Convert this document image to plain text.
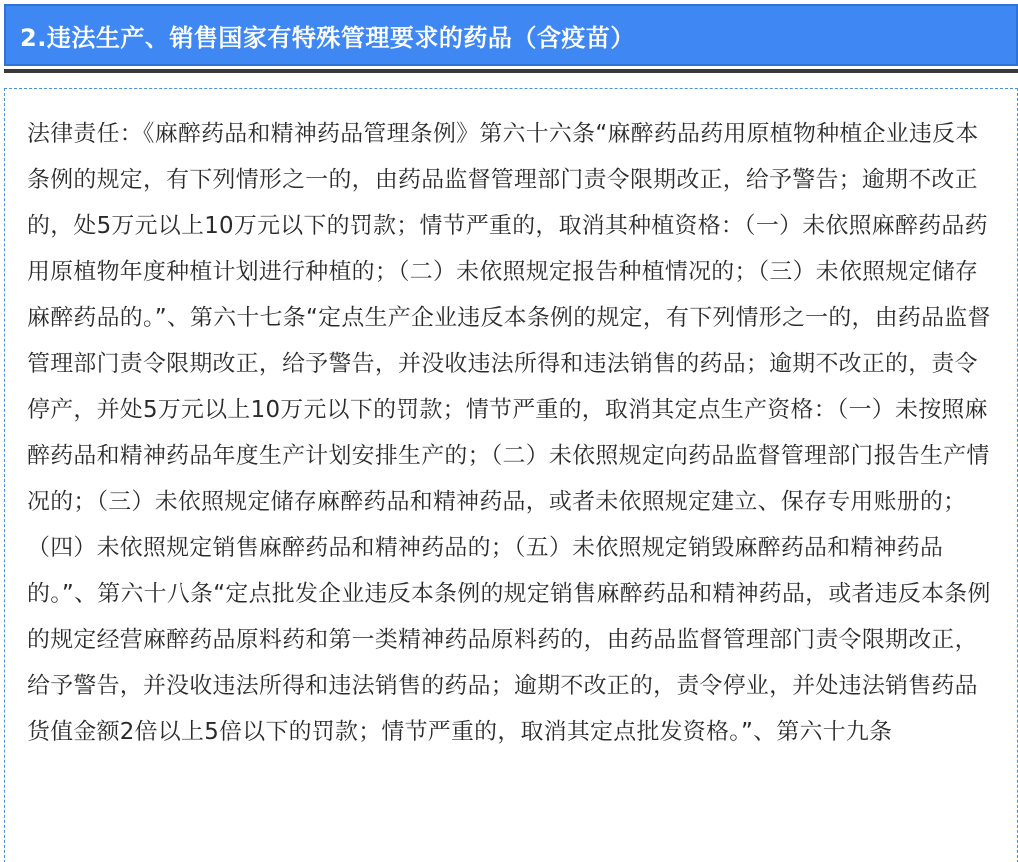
2.违法生产、销售国家有特殊管理要求的药品（含疫苗）

法律责任：《麻醉药品和精神药品管理条例》第六十六条“麻醉药品药用原植物种植企业违反本条例的规定，有下列情形之一的，由药品监督管理部门责令限期改正，给予警告；逾期不改正的，处5万元以上10万元以下的罚款；情节严重的，取消其种植资格：（一）未依照麻醉药品药用原植物年度种植计划进行种植的；（二）未依照规定报告种植情况的；（三）未依照规定储存麻醉药品的。”、第六十七条“定点生产企业违反本条例的规定，有下列情形之一的，由药品监督管理部门责令限期改正，给予警告，并没收违法所得和违法销售的药品；逾期不改正的，责令停产，并处5万元以上10万元以下的罚款；情节严重的，取消其定点生产资格：（一）未按照麻醉药品和精神药品年度生产计划安排生产的；（二）未依照规定向药品监督管理部门报告生产情况的；（三）未依照规定储存麻醉药品和精神药品，或者未依照规定建立、保存专用账册的；（四）未依照规定销售麻醉药品和精神药品的；（五）未依照规定销毁麻醉药品和精神药品的。”、第六十八条“定点批发企业违反本条例的规定销售麻醉药品和精神药品，或者违反本条例的规定经营麻醉药品原料药和第一类精神药品原料药的，由药品监督管理部门责令限期改正，给予警告，并没收违法所得和违法销售的药品；逾期不改正的，责令停业，并处违法销售药品货值金额2倍以上5倍以下的罚款；情节严重的，取消其定点批发资格。”、第六十九条
